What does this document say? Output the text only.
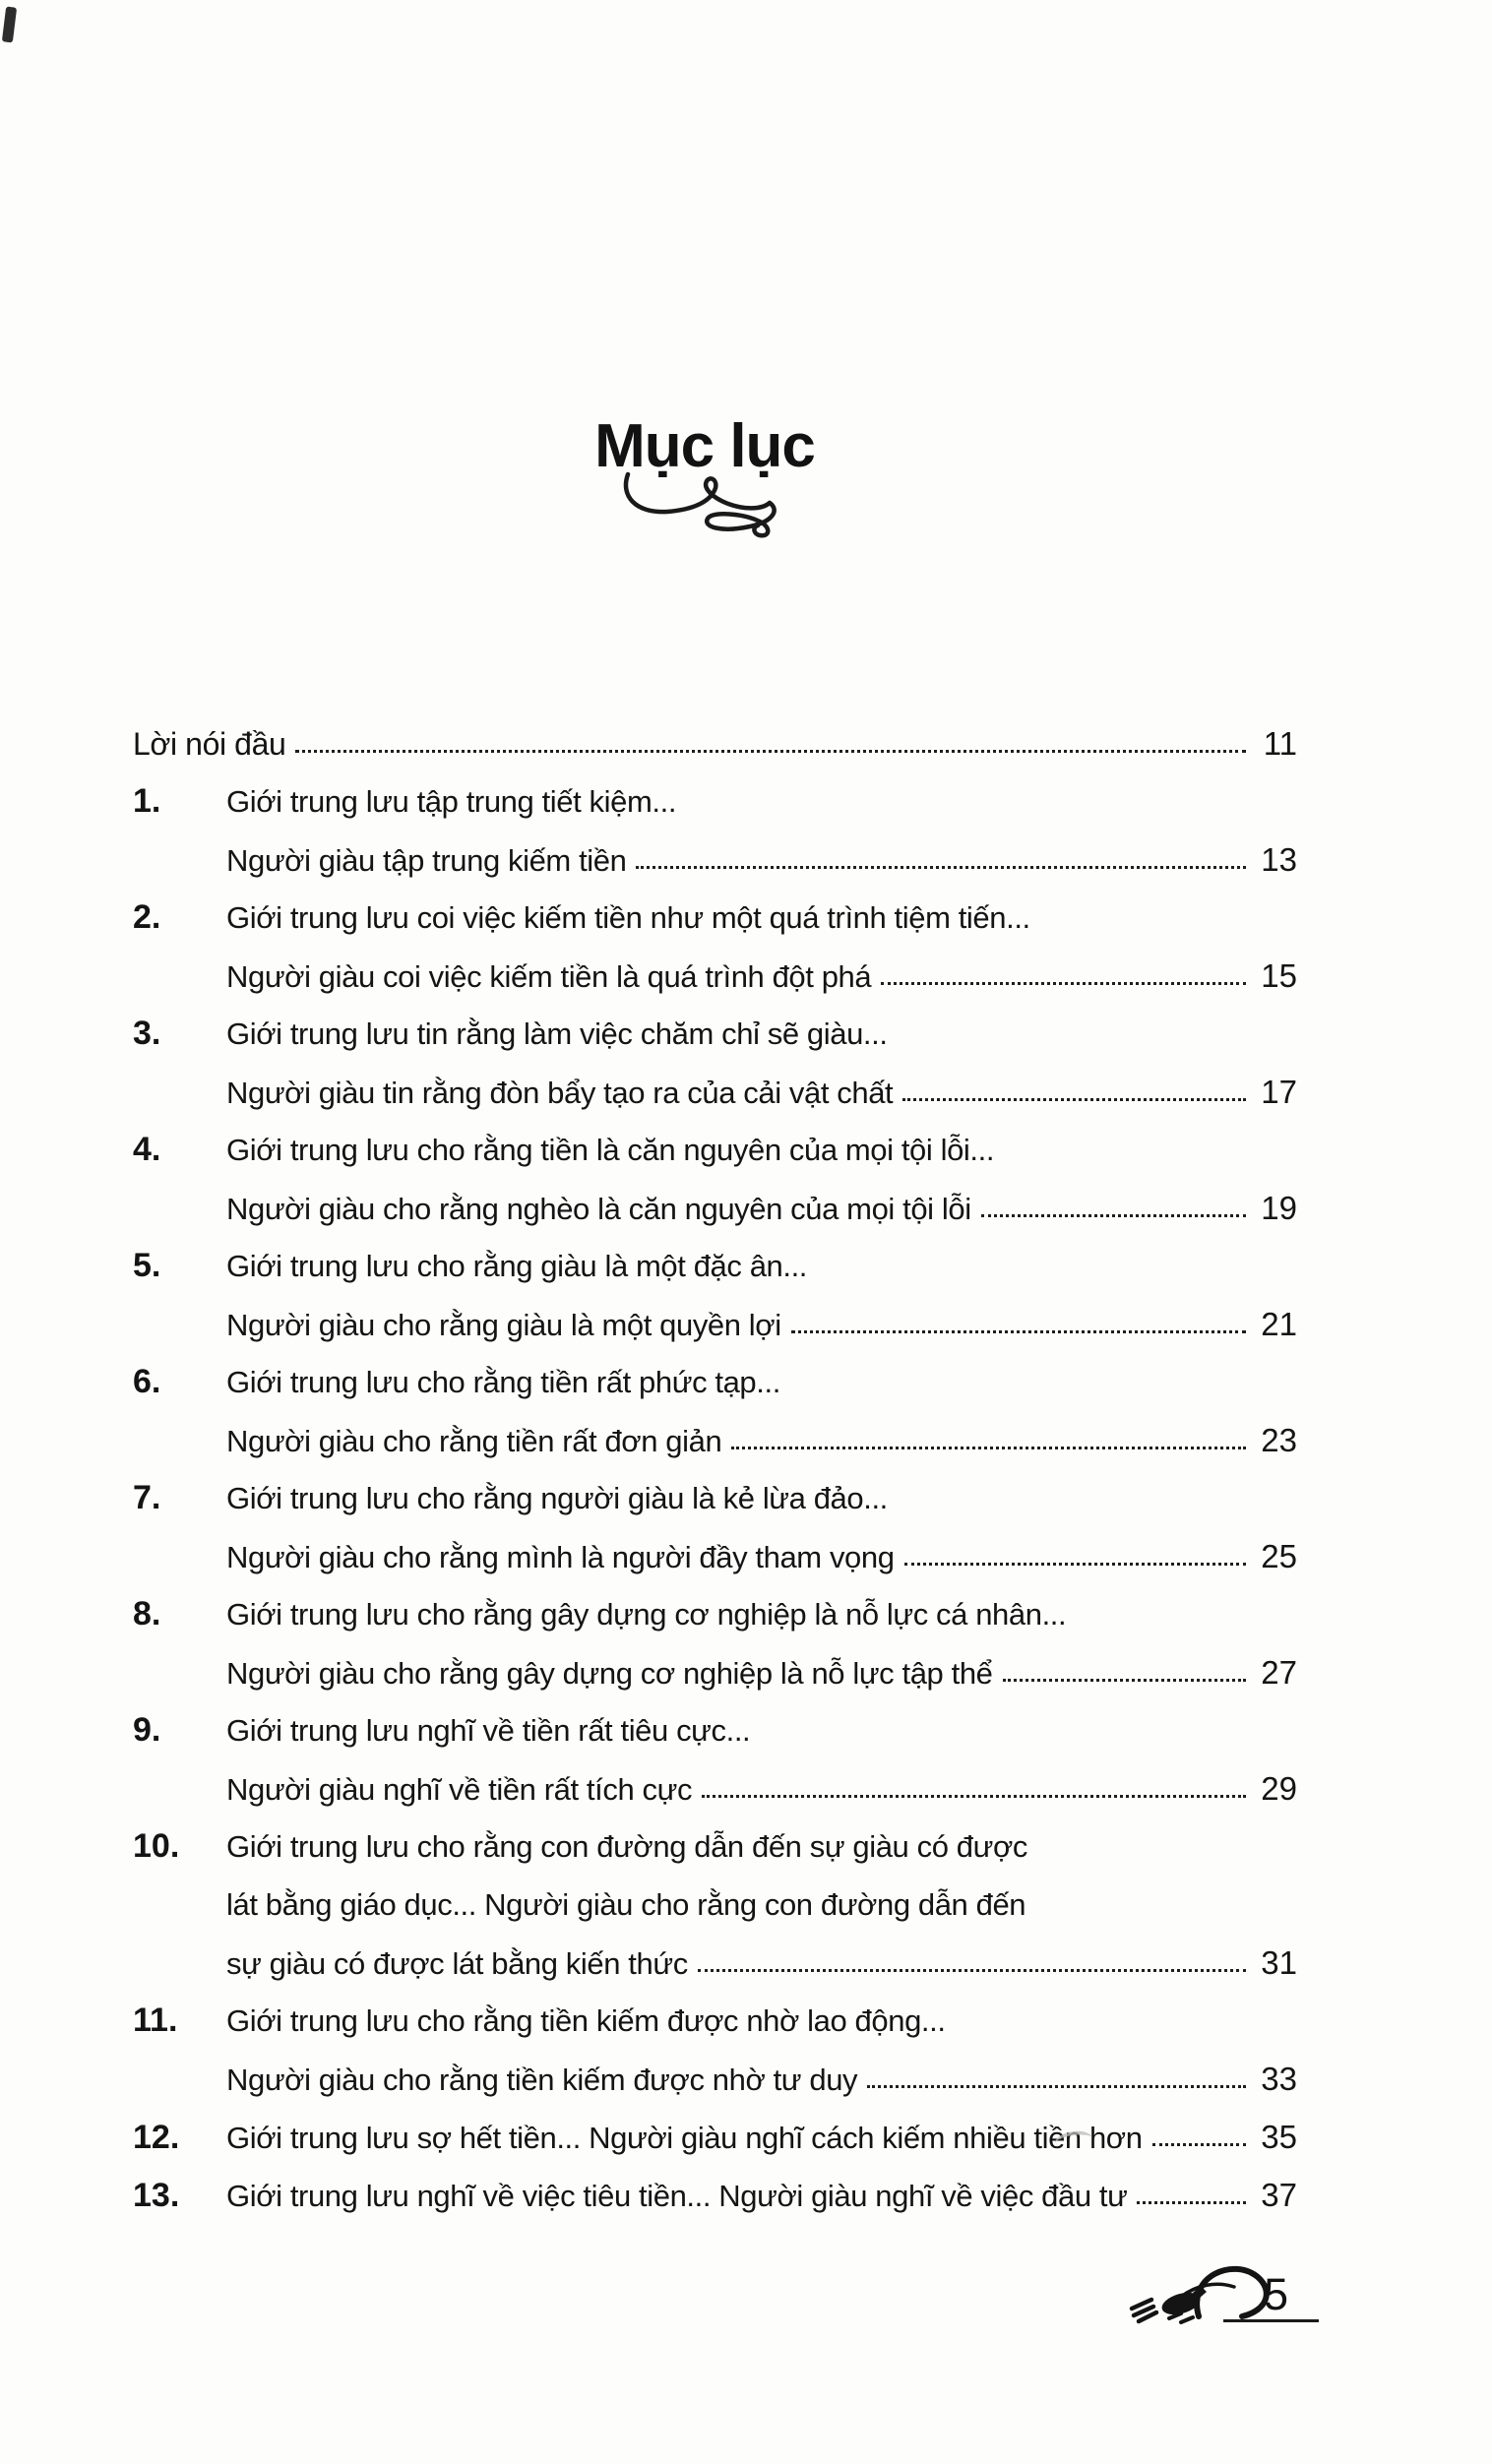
Mục lục
Lời nói đầu	11
1.	Giới trung lưu tập trung tiết kiệm...
Người giàu tập trung kiếm tiền	13
2.	Giới trung lưu coi việc kiếm tiền như một quá trình tiệm tiến...
Người giàu coi việc kiếm tiền là quá trình đột phá	15
3.	Giới trung lưu tin rằng làm việc chăm chỉ sẽ giàu...
Người giàu tin rằng đòn bẩy tạo ra của cải vật chất	17
4.	Giới trung lưu cho rằng tiền là căn nguyên của mọi tội lỗi...
Người giàu cho rằng nghèo là căn nguyên của mọi tội lỗi	19
5.	Giới trung lưu cho rằng giàu là một đặc ân...
Người giàu cho rằng giàu là một quyền lợi	21
6.	Giới trung lưu cho rằng tiền rất phức tạp...
Người giàu cho rằng tiền rất đơn giản	23
7.	Giới trung lưu cho rằng người giàu là kẻ lừa đảo...
Người giàu cho rằng mình là người đầy tham vọng	25
8.	Giới trung lưu cho rằng gây dựng cơ nghiệp là nỗ lực cá nhân...
Người giàu cho rằng gây dựng cơ nghiệp là nỗ lực tập thể	27
9.	Giới trung lưu nghĩ về tiền rất tiêu cực...
Người giàu nghĩ về tiền rất tích cực	29
10.	Giới trung lưu cho rằng con đường dẫn đến sự giàu có được
lát bằng giáo dục... Người giàu cho rằng con đường dẫn đến
sự giàu có được lát bằng kiến thức	31
11.	Giới trung lưu cho rằng tiền kiếm được nhờ lao động...
Người giàu cho rằng tiền kiếm được nhờ tư duy	33
12.	Giới trung lưu sợ hết tiền... Người giàu nghĩ cách kiếm nhiều tiền hơn	35
13.	Giới trung lưu nghĩ về việc tiêu tiền... Người giàu nghĩ về việc đầu tư	37
5
